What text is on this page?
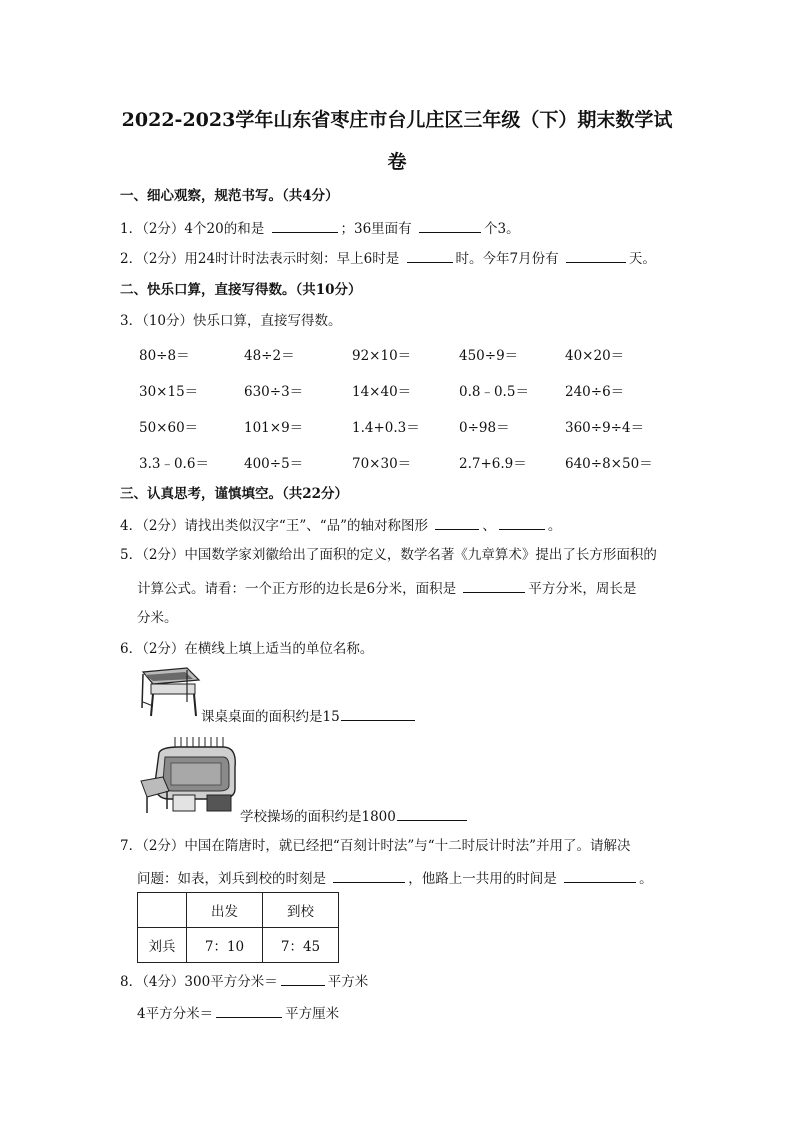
2022-2023学年山东省枣庄市台儿庄区三年级（下）期末数学试
卷
一、细心观察，规范书写。（共4分）
1．（2分）4个20的和是	；36里面有	个3。
2．（2分）用24时计时法表示时刻：早上6时是	时。今年7月份有	天。
二、快乐口算，直接写得数。（共10分）
3．（10分）快乐口算，直接写得数。
80÷8＝	48÷2＝	92×10＝	450÷9＝	40×20＝
30×15＝	630÷3＝	14×40＝	0.8﹣0.5＝	240÷6＝
50×60＝	101×9＝	1.4+0.3＝	0÷98＝	360÷9÷4＝
3.3﹣0.6＝	400÷5＝	70×30＝	2.7+6.9＝	640÷8×50＝
三、认真思考，谨慎填空。（共22分）
4．（2分）请找出类似汉字“王”、“品”的轴对称图形	、	。
5．（2分）中国数学家刘徽给出了面积的定义，数学名著《九章算术》提出了长方形面积的
计算公式。请看：一个正方形的边长是6分米，面积是	平方分米，周长是
分米。
6．（2分）在横线上填上适当的单位名称。
课桌桌面的面积约是15
学校操场的面积约是1800
7．（2分）中国在隋唐时，就已经把“百刻计时法”与“十二时辰计时法”并用了。请解决
问题：如表，刘兵到校的时刻是	，他路上一共用的时间是	。
	出发	到校
刘兵	7：10	7：45
8．（4分）300平方分米＝	平方米
4平方分米＝	平方厘米
